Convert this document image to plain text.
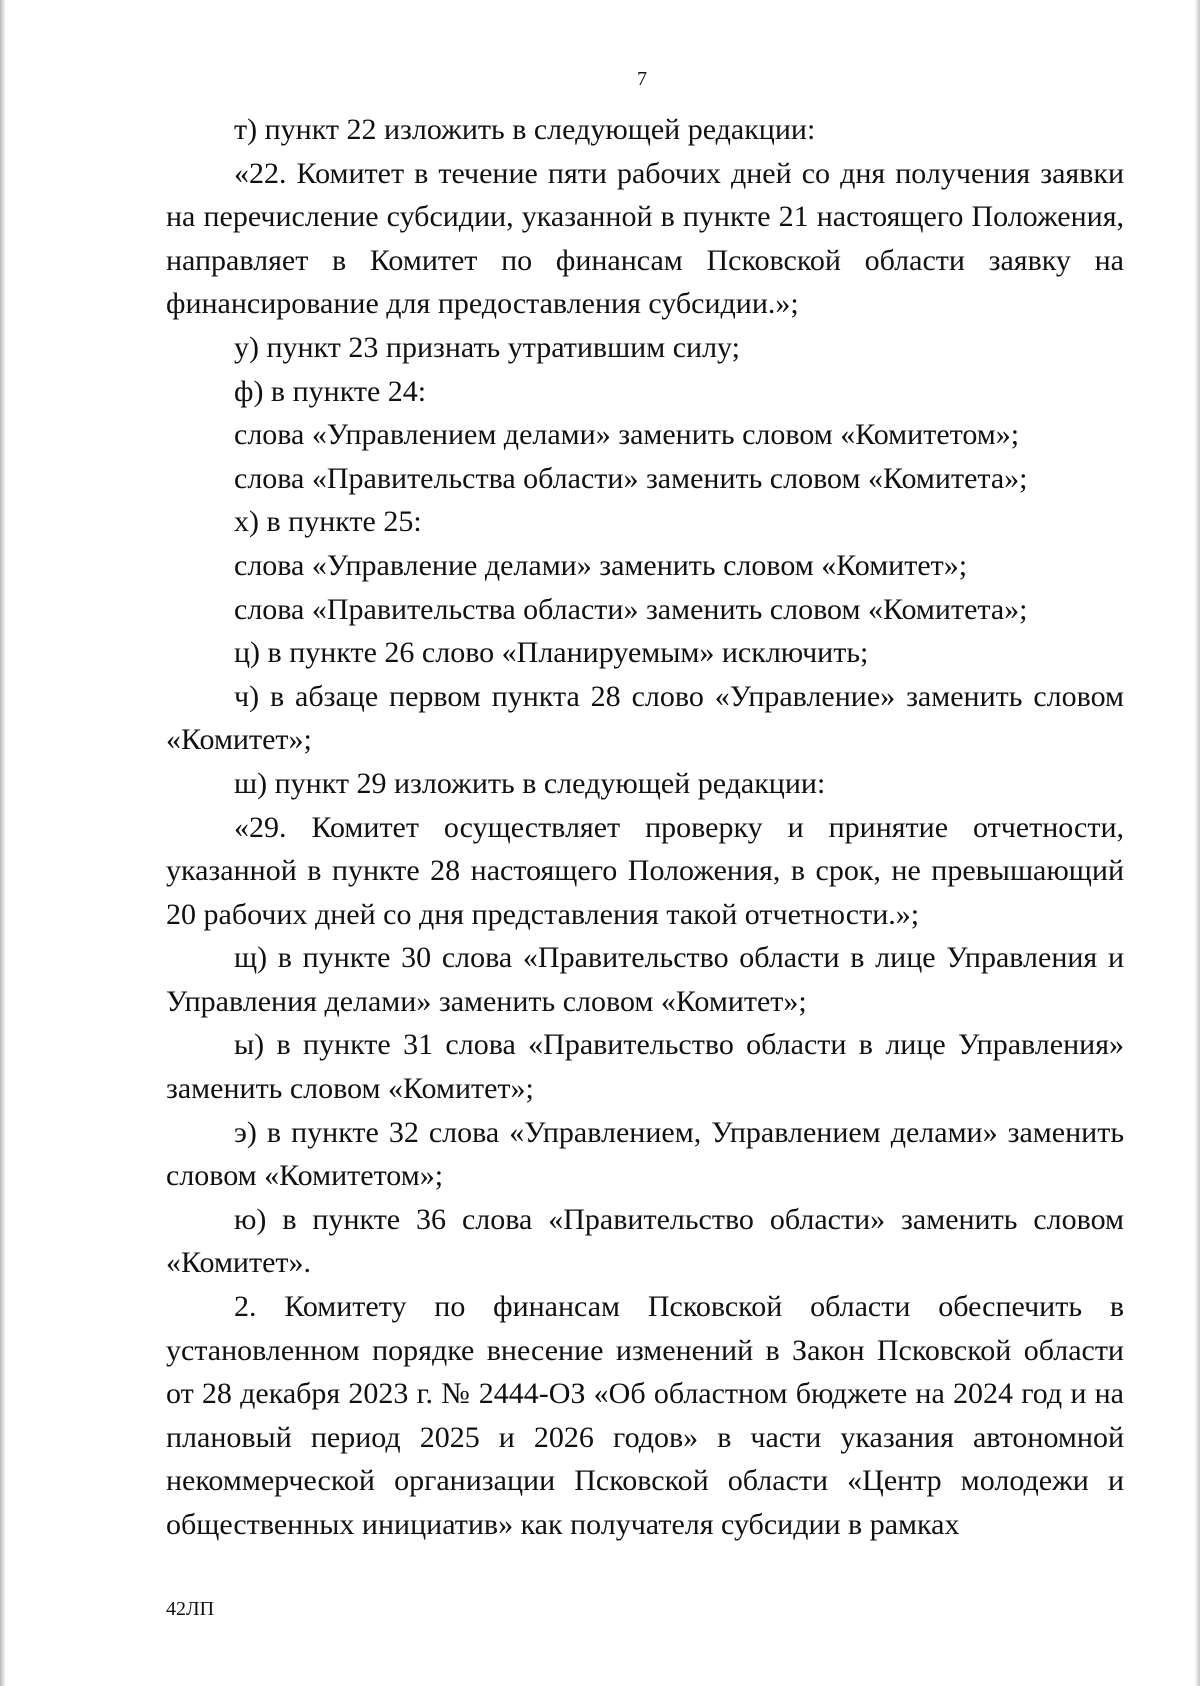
7

т) пункт 22 изложить в следующей редакции:

«22. Комитет в течение пяти рабочих дней со дня получения заявки на перечисление субсидии, указанной в пункте 21 настоящего Положения, направляет в Комитет по финансам Псковской области заявку на финансирование для предоставления субсидии.»;

у) пункт 23 признать утратившим силу;

ф) в пункте 24:

слова «Управлением делами» заменить словом «Комитетом»;

слова «Правительства области» заменить словом «Комитета»;

х) в пункте 25:

слова «Управление делами» заменить словом «Комитет»;

слова «Правительства области» заменить словом «Комитета»;

ц) в пункте 26 слово «Планируемым» исключить;

ч) в абзаце первом пункта 28 слово «Управление» заменить словом «Комитет»;

ш) пункт 29 изложить в следующей редакции:

«29. Комитет осуществляет проверку и принятие отчетности, указанной в пункте 28 настоящего Положения, в срок, не превышающий 20 рабочих дней со дня представления такой отчетности.»;

щ) в пункте 30 слова «Правительство области в лице Управления и Управления делами» заменить словом «Комитет»;

ы) в пункте 31 слова «Правительство области в лице Управления» заменить словом «Комитет»;

э) в пункте 32 слова «Управлением, Управлением делами» заменить словом «Комитетом»;

ю) в пункте 36 слова «Правительство области» заменить словом «Комитет».

2. Комитету по финансам Псковской области обеспечить в установленном порядке внесение изменений в Закон Псковской области от 28 декабря 2023 г. № 2444-ОЗ «Об областном бюджете на 2024 год и на плановый период 2025 и 2026 годов» в части указания автономной некоммерческой организации Псковской области «Центр молодежи и общественных инициатив» как получателя субсидии в рамках

42ЛП
